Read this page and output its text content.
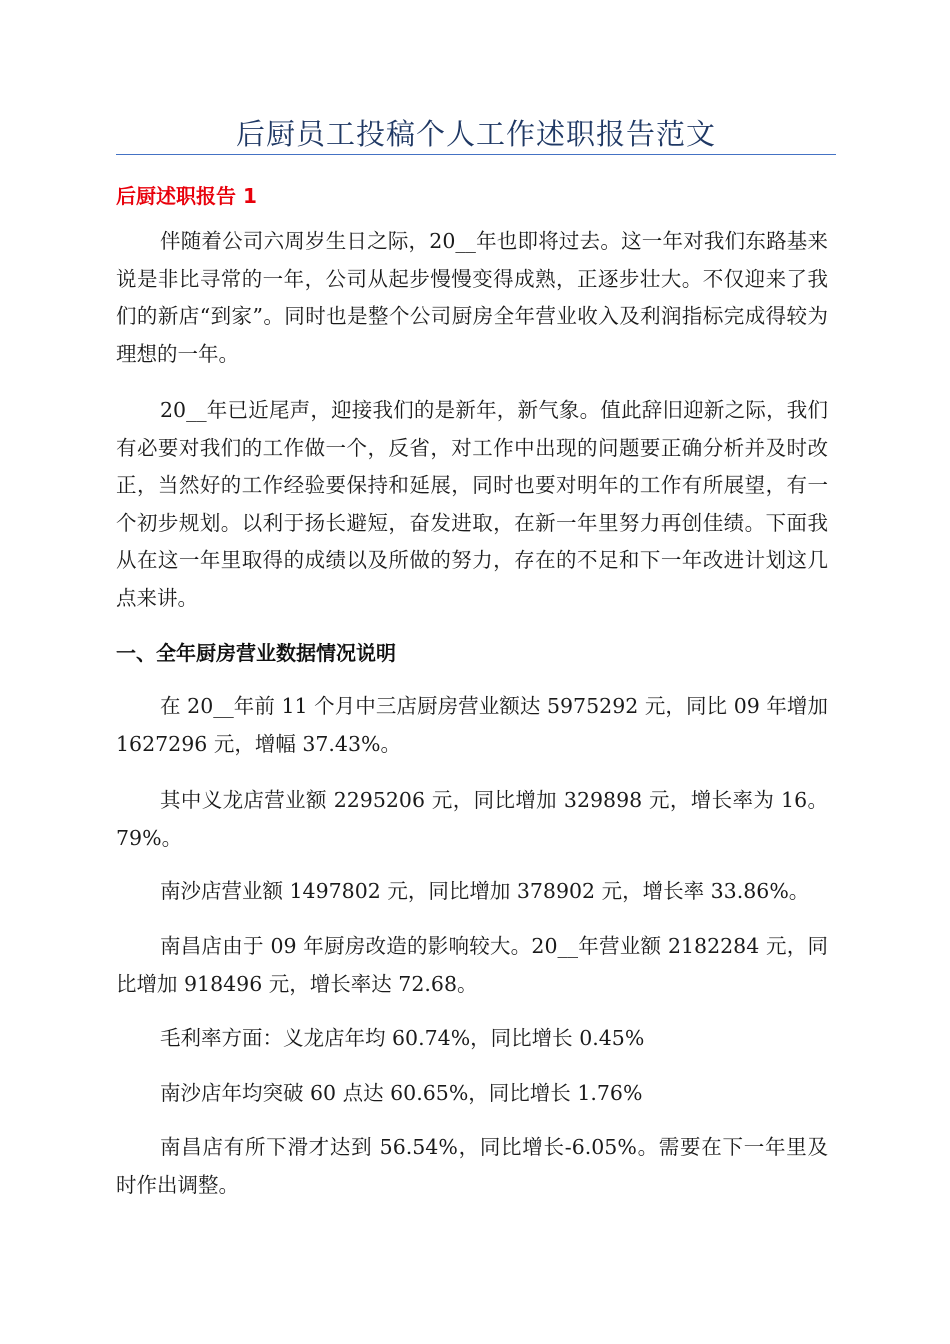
后厨员工投稿个人工作述职报告范文
后厨述职报告 1

伴随着公司六周岁生日之际，20__年也即将过去。这一年对我们东路基来说是非比寻常的一年，公司从起步慢慢变得成熟，正逐步壮大。不仅迎来了我们的新店“到家”。同时也是整个公司厨房全年营业收入及利润指标完成得较为理想的一年。

20__年已近尾声，迎接我们的是新年，新气象。值此辞旧迎新之际，我们有必要对我们的工作做一个，反省，对工作中出现的问题要正确分析并及时改正，当然好的工作经验要保持和延展，同时也要对明年的工作有所展望，有一个初步规划。以利于扬长避短，奋发进取，在新一年里努力再创佳绩。下面我从在这一年里取得的成绩以及所做的努力，存在的不足和下一年改进计划这几点来讲。

一、全年厨房营业数据情况说明

在 20__年前 11 个月中三店厨房营业额达 5975292 元，同比 09 年增加 1627296 元，增幅 37.43%。

其中义龙店营业额 2295206 元，同比增加 329898 元，增长率为 16。79%。

南沙店营业额 1497802 元，同比增加 378902 元，增长率 33.86%。

南昌店由于 09 年厨房改造的影响较大。20__年营业额 2182284 元，同比增加 918496 元，增长率达 72.68。

毛利率方面：义龙店年均 60.74%，同比增长 0.45%

南沙店年均突破 60 点达 60.65%，同比增长 1.76%

南昌店有所下滑才达到 56.54%，同比增长-6.05%。需要在下一年里及时作出调整。
